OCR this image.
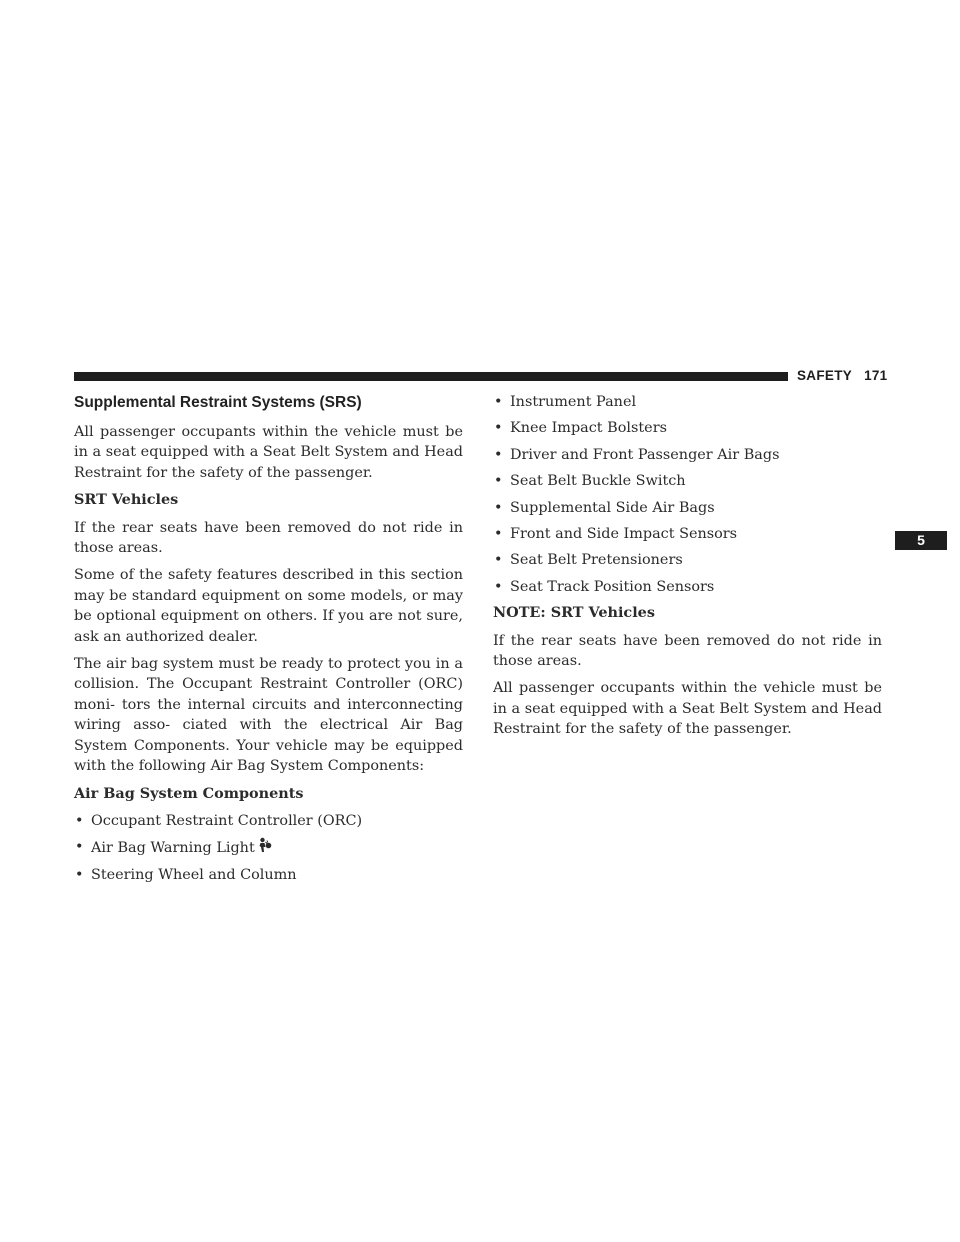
SAFETY 171
5
Supplemental Restraint Systems (SRS)

All passenger occupants within the vehicle must be in a seat equipped with a Seat Belt System and Head Restraint for the safety of the passenger.

SRT Vehicles

If the rear seats have been removed do not ride in those areas.

Some of the safety features described in this section may be standard equipment on some models, or may be optional equipment on others. If you are not sure, ask an authorized dealer.

The air bag system must be ready to protect you in a collision. The Occupant Restraint Controller (ORC) moni- tors the internal circuits and interconnecting wiring asso- ciated with the electrical Air Bag System Components. Your vehicle may be equipped with the following Air Bag System Components:

Air Bag System Components

• Occupant Restraint Controller (ORC)
• Air Bag Warning Light
• Steering Wheel and Column
• Instrument Panel
• Knee Impact Bolsters
• Driver and Front Passenger Air Bags
• Seat Belt Buckle Switch
• Supplemental Side Air Bags
• Front and Side Impact Sensors
• Seat Belt Pretensioners
• Seat Track Position Sensors

NOTE: SRT Vehicles

If the rear seats have been removed do not ride in those areas.

All passenger occupants within the vehicle must be in a seat equipped with a Seat Belt System and Head Restraint for the safety of the passenger.
